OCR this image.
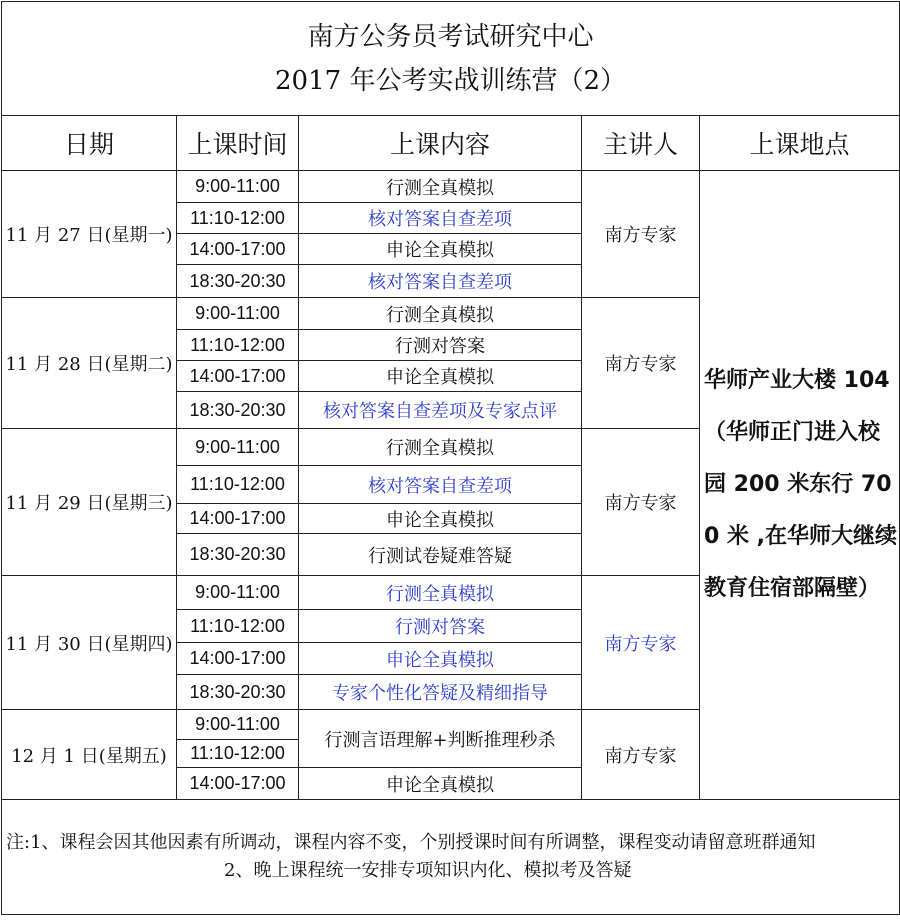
南方公务员考试研究中心
2017 年公考实战训练营（2）				

日期	上课时间	上课内容	主讲人	上课地点
11 月 27 日(星期一)	9:00-11:00	行测全真模拟	南方专家	华师产业大楼 104（华师正门进入校园 200 米东行 700 米 ,在华师大继续教育住宿部隔壁）
	11:10-12:00	核对答案自查差项		
	14:00-17:00	申论全真模拟		
	18:30-20:30	核对答案自查差项		
11 月 28 日(星期二)	9:00-11:00	行测全真模拟	南方专家	
	11:10-12:00	行测对答案		
	14:00-17:00	申论全真模拟		
	18:30-20:30	核对答案自查差项及专家点评		
11 月 29 日(星期三)	9:00-11:00	行测全真模拟	南方专家	
	11:10-12:00	核对答案自查差项		
	14:00-17:00	申论全真模拟		
	18:30-20:30	行测试卷疑难答疑		
11 月 30 日(星期四)	9:00-11:00	行测全真模拟	南方专家	
	11:10-12:00	行测对答案		
	14:00-17:00	申论全真模拟		
	18:30-20:30	专家个性化答疑及精细指导		
12 月 1 日(星期五)	9:00-11:00	行测言语理解+判断推理秒杀	南方专家	
	11:10-12:00			
	14:00-17:00	申论全真模拟		

注:1、课程会因其他因素有所调动，课程内容不变，个别授课时间有所调整，课程变动请留意班群通知
2、晚上课程统一安排专项知识内化、模拟考及答疑				
